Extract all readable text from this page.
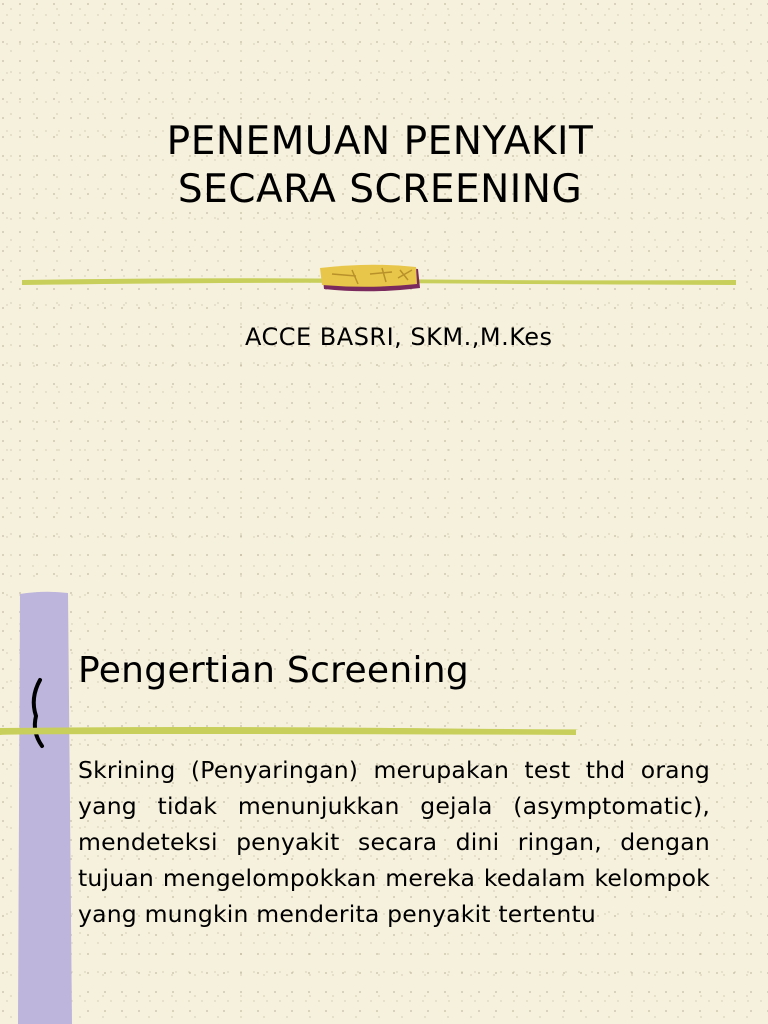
PENEMUAN PENYAKIT
SECARA SCREENING
ACCE BASRI, SKM.,M.Kes
Pengertian Screening
Skrining (Penyaringan) merupakan test thd orang yang tidak menunjukkan gejala (asymptomatic), mendeteksi penyakit secara dini ringan, dengan tujuan mengelompokkan mereka kedalam kelompok yang mungkin menderita penyakit tertentu
